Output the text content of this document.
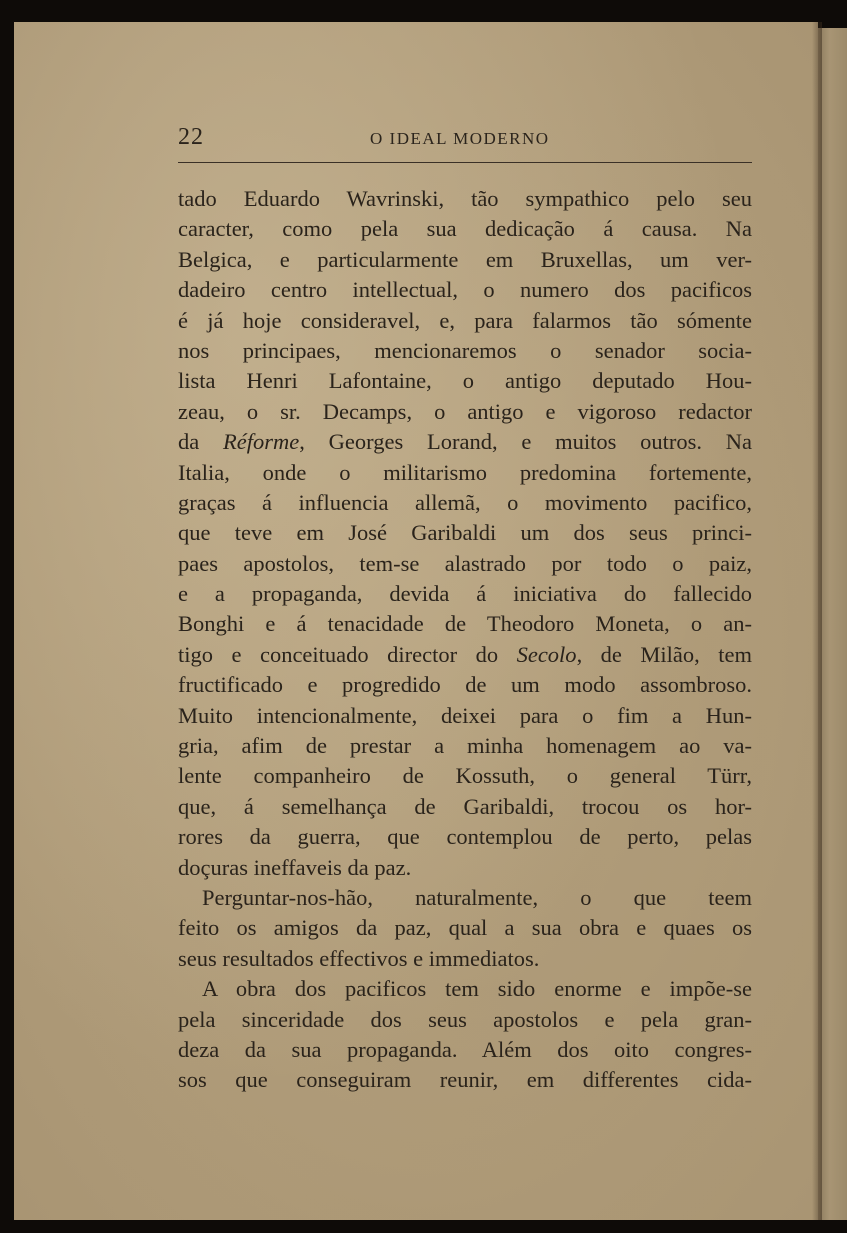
22	O IDEAL MODERNO
tado Eduardo Wavrinski, tão sympathico pelo seu
caracter, como pela sua dedicação á causa. Na
Belgica, e particularmente em Bruxellas, um ver-
dadeiro centro intellectual, o numero dos pacificos
é já hoje consideravel, e, para falarmos tão sómente
nos principaes, mencionaremos o senador socia-
lista Henri Lafontaine, o antigo deputado Hou-
zeau, o sr. Decamps, o antigo e vigoroso redactor
da Réforme, Georges Lorand, e muitos outros. Na
Italia, onde o militarismo predomina fortemente,
graças á influencia allemã, o movimento pacifico,
que teve em José Garibaldi um dos seus princi-
paes apostolos, tem-se alastrado por todo o paiz,
e a propaganda, devida á iniciativa do fallecido
Bonghi e á tenacidade de Theodoro Moneta, o an-
tigo e conceituado director do Secolo, de Milão, tem
fructificado e progredido de um modo assombroso.
Muito intencionalmente, deixei para o fim a Hun-
gria, afim de prestar a minha homenagem ao va-
lente companheiro de Kossuth, o general Türr,
que, á semelhança de Garibaldi, trocou os hor-
rores da guerra, que contemplou de perto, pelas
doçuras ineffaveis da paz.
Perguntar-nos-hão, naturalmente, o que teem
feito os amigos da paz, qual a sua obra e quaes os
seus resultados effectivos e immediatos.
A obra dos pacificos tem sido enorme e impõe-se
pela sinceridade dos seus apostolos e pela gran-
deza da sua propaganda. Além dos oito congres-
sos que conseguiram reunir, em differentes cida-
